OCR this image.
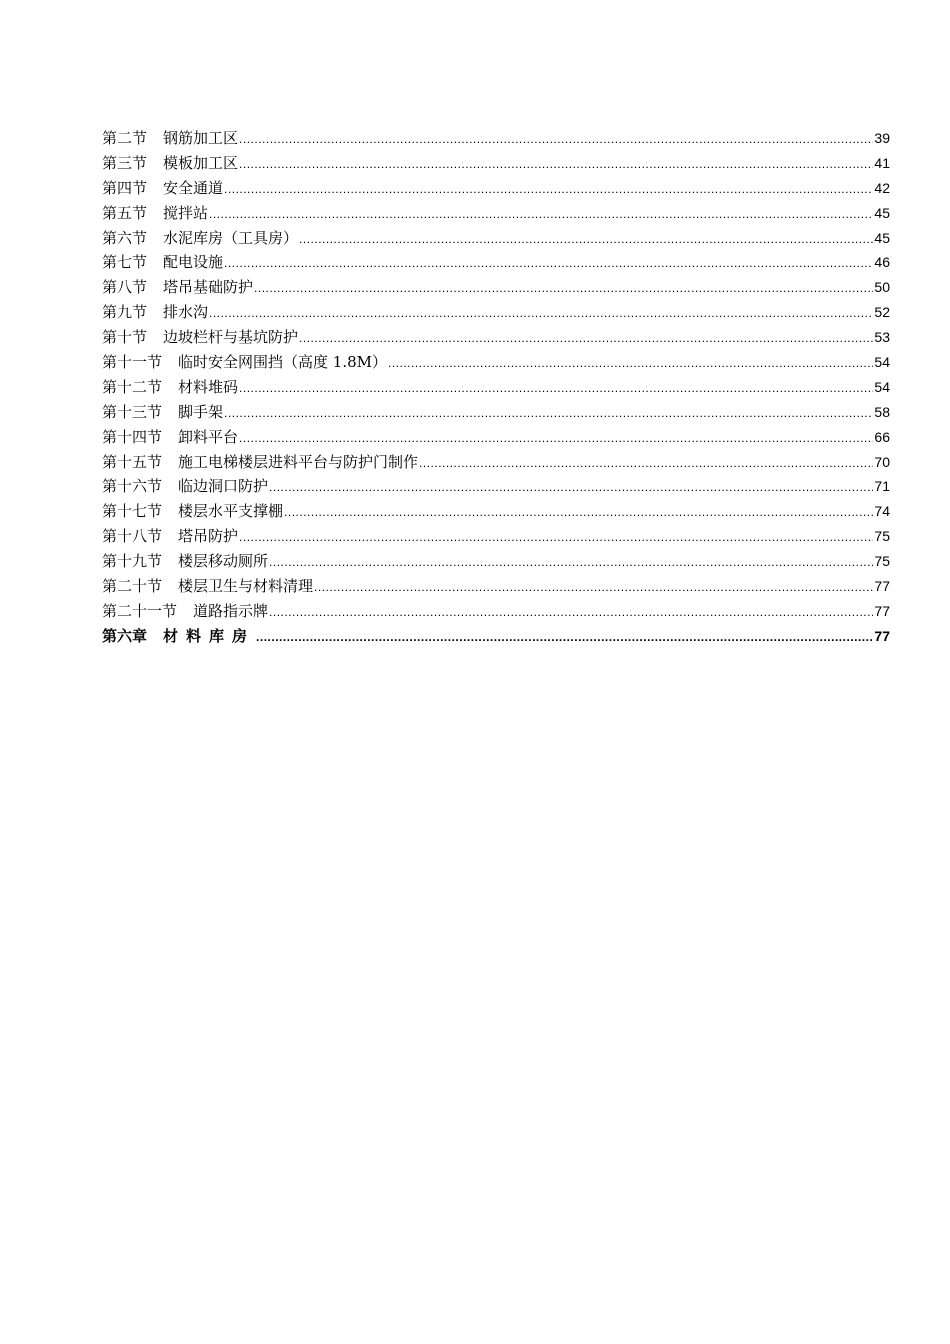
第二节 钢筋加工区 .....	39
第三节 模板加工区 .....	41
第四节 安全通道 .....	42
第五节 搅拌站 .....	45
第六节 水泥库房（工具房） .....	45
第七节 配电设施 .....	46
第八节 塔吊基础防护 .....	50
第九节 排水沟 .....	52
第十节 边坡栏杆与基坑防护 .....	53
第十一节 临时安全网围挡（高度 1.8M） .....	54
第十二节 材料堆码 .....	54
第十三节 脚手架 .....	58
第十四节 卸料平台 .....	66
第十五节 施工电梯楼层进料平台与防护门制作 .....	70
第十六节 临边洞口防护 .....	71
第十七节 楼层水平支撑棚 .....	74
第十八节 塔吊防护 .....	75
第十九节 楼层移动厕所 .....	75
第二十节 楼层卫生与材料清理 .....	77
第二十一节 道路指示牌 .....	77
第六章 材料库房 .....	77
